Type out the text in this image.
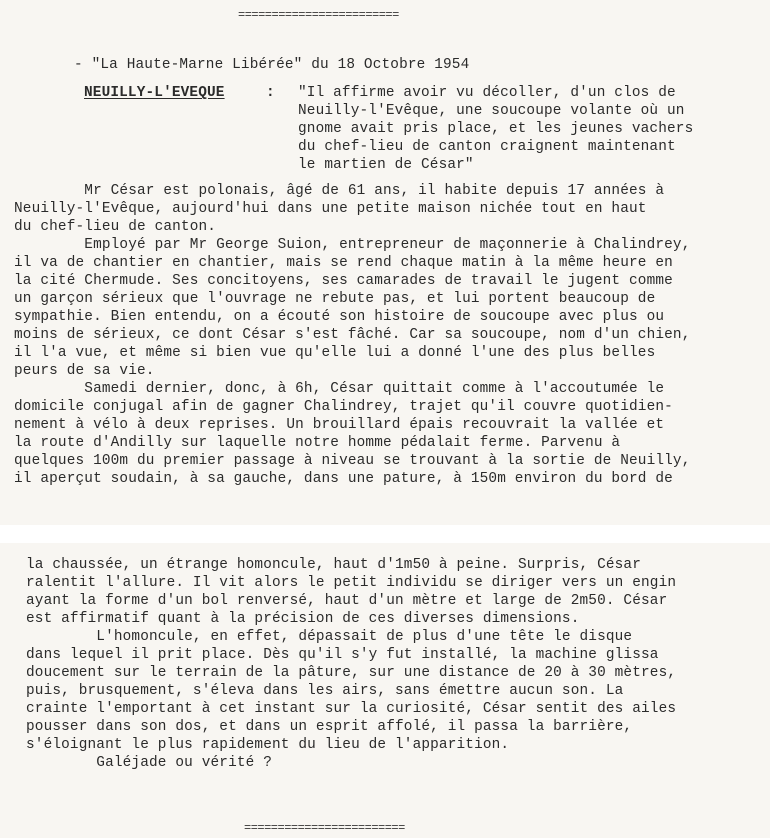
========================
- "La Haute-Marne Libérée" du 18 Octobre 1954
NEUILLY-L'EVEQUE	: "Il affirme avoir vu décoller, d'un clos de
Neuilly-l'Evêque, une soucoupe volante où un
gnome avait pris place, et les jeunes vachers
du chef-lieu de canton craignent maintenant
le martien de César"
Mr César est polonais, âgé de 61 ans, il habite depuis 17 années à
Neuilly-l'Evêque, aujourd'hui dans une petite maison nichée tout en haut
du chef-lieu de canton.
Employé par Mr George Suion, entrepreneur de maçonnerie à Chalindrey,
il va de chantier en chantier, mais se rend chaque matin à la même heure en
la cité Chermude. Ses concitoyens, ses camarades de travail le jugent comme
un garçon sérieux que l'ouvrage ne rebute pas, et lui portent beaucoup de
sympathie. Bien entendu, on a écouté son histoire de soucoupe avec plus ou
moins de sérieux, ce dont César s'est fâché. Car sa soucoupe, nom d'un chien,
il l'a vue, et même si bien vue qu'elle lui a donné l'une des plus belles
peurs de sa vie.
Samedi dernier, donc, à 6h, César quittait comme à l'accoutumée le
domicile conjugal afin de gagner Chalindrey, trajet qu'il couvre quotidien-
nement à vélo à deux reprises. Un brouillard épais recouvrait la vallée et
la route d'Andilly sur laquelle notre homme pédalait ferme. Parvenu à
quelques 100m du premier passage à niveau se trouvant à la sortie de Neuilly,
il aperçut soudain, à sa gauche, dans une pature, à 150m environ du bord de
la chaussée, un étrange homoncule, haut d'1m50 à peine. Surpris, César
ralentit l'allure. Il vit alors le petit individu se diriger vers un engin
ayant la forme d'un bol renversé, haut d'un mètre et large de 2m50. César
est affirmatif quant à la précision de ces diverses dimensions.
L'homoncule, en effet, dépassait de plus d'une tête le disque
dans lequel il prit place. Dès qu'il s'y fut installé, la machine glissa
doucement sur le terrain de la pâture, sur une distance de 20 à 30 mètres,
puis, brusquement, s'éleva dans les airs, sans émettre aucun son. La
crainte l'emportant à cet instant sur la curiosité, César sentit des ailes
pousser dans son dos, et dans un esprit affolé, il passa la barrière,
s'éloignant le plus rapidement du lieu de l'apparition.
Galéjade ou vérité ?
========================
